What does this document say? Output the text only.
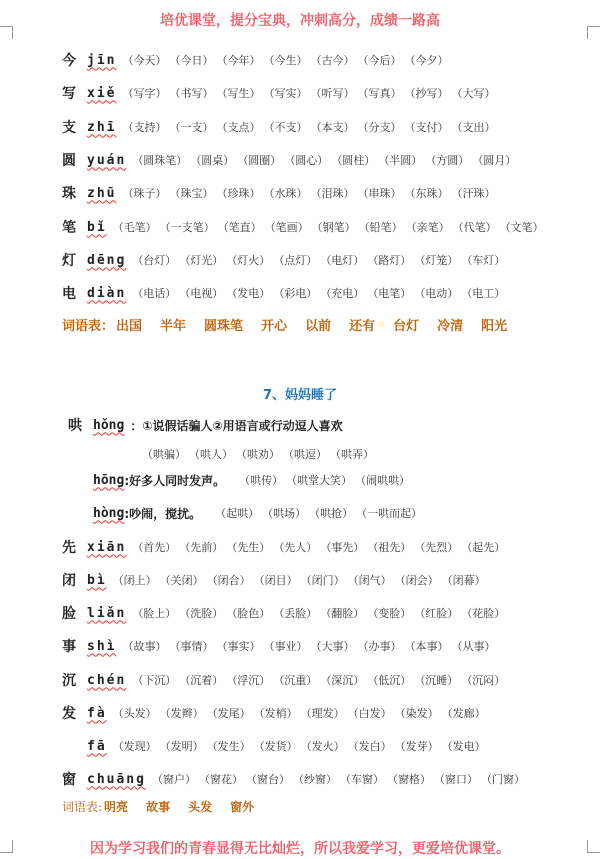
培优课堂，提分宝典，冲刺高分，成绩一路高
今 jīn （今天） （今日） （今年） （今生） （古今） （今后） （今夕）
写 xiě （写字） （书写） （写生） （写实） （听写） （写真） （抄写） （大写）
支 zhī （支持） （一支） （支点） （不支） （本支） （分支） （支付） （支出）
圆 yuán （圆珠笔） （圆桌） （圆圈） （圆心） （圆柱） （半圆） （方圆） （圆月）
珠 zhū （珠子） （珠宝） （珍珠） （水珠） （泪珠） （串珠） （东珠） （汗珠）
笔 bǐ （毛笔） （一支笔） （笔直） （笔画） （钢笔） （铅笔） （亲笔） （代笔） （文笔）
灯 dēng （台灯） （灯光） （灯火） （点灯） （电灯） （路灯） （灯笼） （车灯）
电 diàn （电话） （电视） （发电） （彩电） （充电） （电笔） （电动） （电工）
词语表： 出国 半年 圆珠笔 开心 以前 还有 台灯 冷清 阳光
7、妈妈睡了
哄 hǒng ：①说假话骗人②用语言或行动逗人喜欢
（哄骗） （哄人） （哄劝） （哄逗） （哄弄）
hōng :好多人同时发声。 （哄传） （哄堂大笑） （闹哄哄）
hòng :吵闹，搅扰。 （起哄） （哄场） （哄抢） （一哄而起）
先 xiān （首先） （先前） （先生） （先人） （事先） （祖先） （先烈） （起先）
闭 bì （闭上） （关闭） （闭合） （闭目） （闭门） （闭气） （闭会） （闭幕）
脸 liǎn （脸上） （洗脸） （脸色） （丢脸） （翻脸） （变脸） （红脸） （花脸）
事 shì （故事） （事情） （事实） （事业） （大事） （办事） （本事） （从事）
沉 chén （下沉） （沉着） （浮沉） （沉重） （深沉） （低沉） （沉睡） （沉闷）
发 fà （头发） （发辫） （发尾） （发梢） （理发） （白发） （染发） （发廊）
fā （发现） （发明） （发生） （发货） （发火） （发白） （发芽） （发电）
窗 chuāng （窗户） （窗花） （窗台） （纱窗） （车窗） （窗格） （窗口） （门窗）
词语表: 明亮 故事 头发 窗外
因为学习我们的青春显得无比灿烂，所以我爱学习，更爱培优课堂。
